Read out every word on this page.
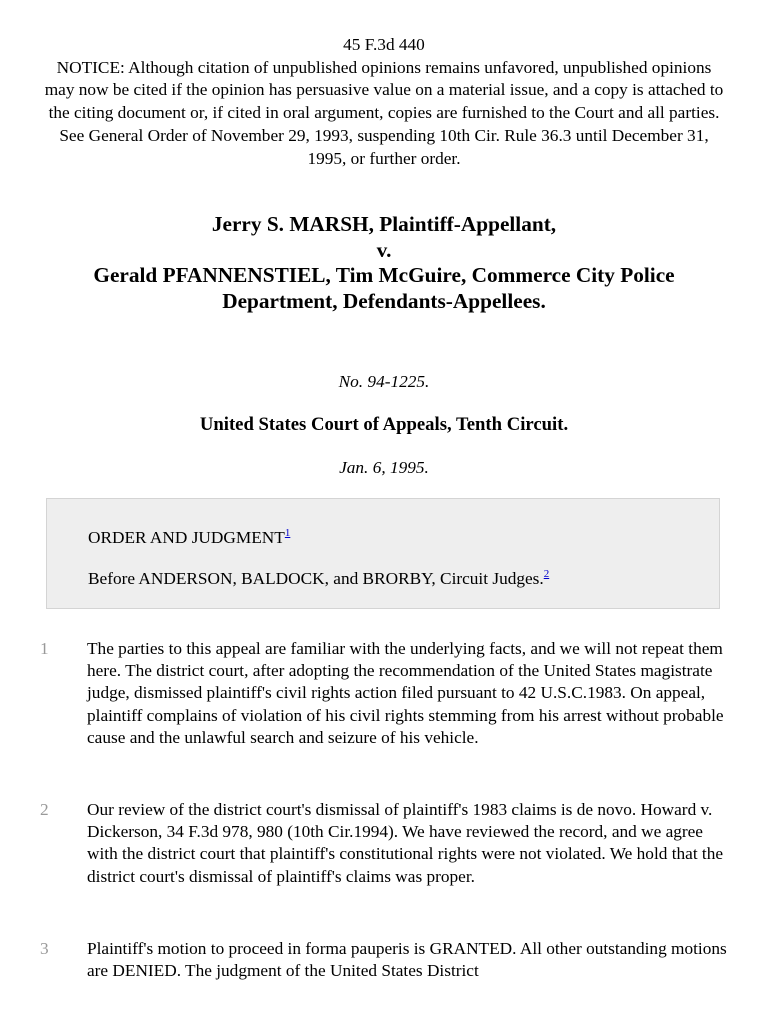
45 F.3d 440
NOTICE: Although citation of unpublished opinions remains unfavored, unpublished opinions may now be cited if the opinion has persuasive value on a material issue, and a copy is attached to the citing document or, if cited in oral argument, copies are furnished to the Court and all parties. See General Order of November 29, 1993, suspending 10th Cir. Rule 36.3 until December 31, 1995, or further order.
Jerry S. MARSH, Plaintiff-Appellant,
v.
Gerald PFANNENSTIEL, Tim McGuire, Commerce City Police
Department, Defendants-Appellees.
No. 94-1225.
United States Court of Appeals, Tenth Circuit.
Jan. 6, 1995.
ORDER AND JUDGMENT$^1$
Before ANDERSON, BALDOCK, and BRORBY, Circuit Judges.$^2$
1	The parties to this appeal are familiar with the underlying facts, and we will not repeat them here. The district court, after adopting the recommendation of the United States magistrate judge, dismissed plaintiff's civil rights action filed pursuant to 42 U.S.C.1983. On appeal, plaintiff complains of violation of his civil rights stemming from his arrest without probable cause and the unlawful search and seizure of his vehicle.
2	Our review of the district court's dismissal of plaintiff's 1983 claims is de novo. Howard v. Dickerson, 34 F.3d 978, 980 (10th Cir.1994). We have reviewed the record, and we agree with the district court that plaintiff's constitutional rights were not violated. We hold that the district court's dismissal of plaintiff's claims was proper.
3	Plaintiff's motion to proceed in forma pauperis is GRANTED. All other outstanding motions are DENIED. The judgment of the United States District
